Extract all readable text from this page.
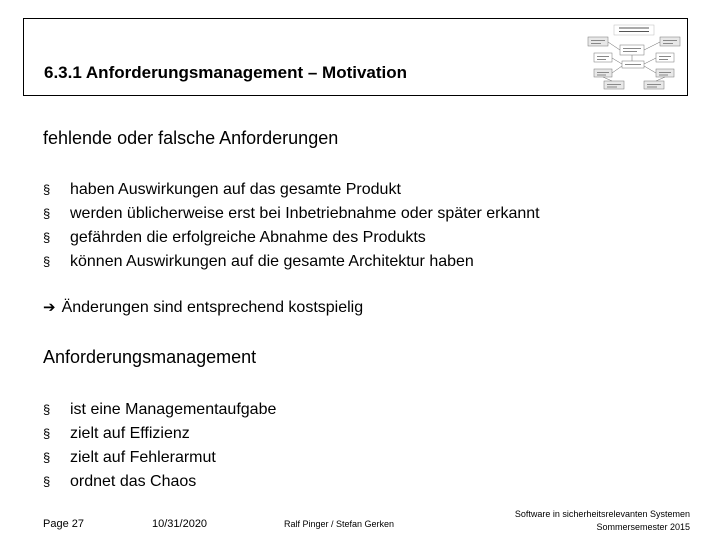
6.3.1 Anforderungsmanagement – Motivation
fehlende oder falsche Anforderungen
§	haben Auswirkungen auf das gesamte Produkt
§	werden üblicherweise erst bei Inbetriebnahme oder später erkannt
§	gefährden die erfolgreiche Abnahme des Produkts
§	können Auswirkungen auf die gesamte Architektur haben
➔ Änderungen sind entsprechend kostspielig
Anforderungsmanagement
§	ist eine Managementaufgabe
§	zielt auf Effizienz
§	zielt auf Fehlerarmut
§	ordnet das Chaos
Page 27	10/31/2020	Ralf Pinger / Stefan Gerken
Software in sicherheitsrelevanten Systemen
Sommersemester 2015
